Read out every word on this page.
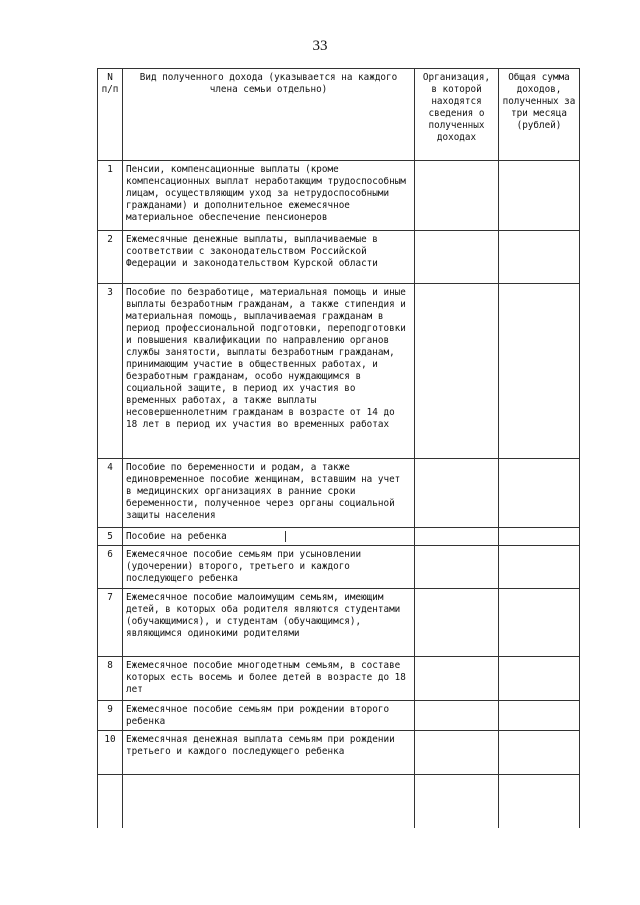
33
N
п/п	Вид полученного дохода (указывается на каждого члена семьи отдельно)	Организация, в которой находятся сведения о полученных доходах	Общая сумма доходов, полученных за три месяца (рублей)
1	Пенсии, компенсационные выплаты (кроме компенсационных выплат неработающим трудоспособным лицам, осуществляющим уход за нетрудоспособными гражданами) и дополнительное ежемесячное материальное обеспечение пенсионеров		
2	Ежемесячные денежные выплаты, выплачиваемые в соответствии с законодательством Российской Федерации и законодательством Курской области		
3	Пособие по безработице, материальная помощь и иные выплаты безработным гражданам, а также стипендия и материальная помощь, выплачиваемая гражданам в период профессиональной подготовки, переподготовки и повышения квалификации по направлению органов службы занятости, выплаты безработным гражданам, принимающим участие в общественных работах, и безработным гражданам, особо нуждающимся в социальной защите, в период их участия во временных работах, а также выплаты несовершеннолетним гражданам в возрасте от 14 до 18 лет в период их участия во временных работах		
4	Пособие по беременности и родам, а также единовременное пособие женщинам, вставшим на учет в медицинских организациях в ранние сроки беременности, полученное через органы социальной защиты населения		
5	Пособие на ребенка		
6	Ежемесячное пособие семьям при усыновлении (удочерении) второго, третьего и каждого последующего ребенка		
7	Ежемесячное пособие малоимущим семьям, имеющим детей, в которых оба родителя являются студентами (обучающимися), и студентам (обучающимся), являющимся одинокими родителями		
8	Ежемесячное пособие многодетным семьям, в составе которых есть восемь и более детей в возрасте до 18 лет		
9	Ежемесячное пособие семьям при рождении второго ребенка		
10	Ежемесячная денежная выплата семьям при рождении третьего и каждого последующего ребенка		
